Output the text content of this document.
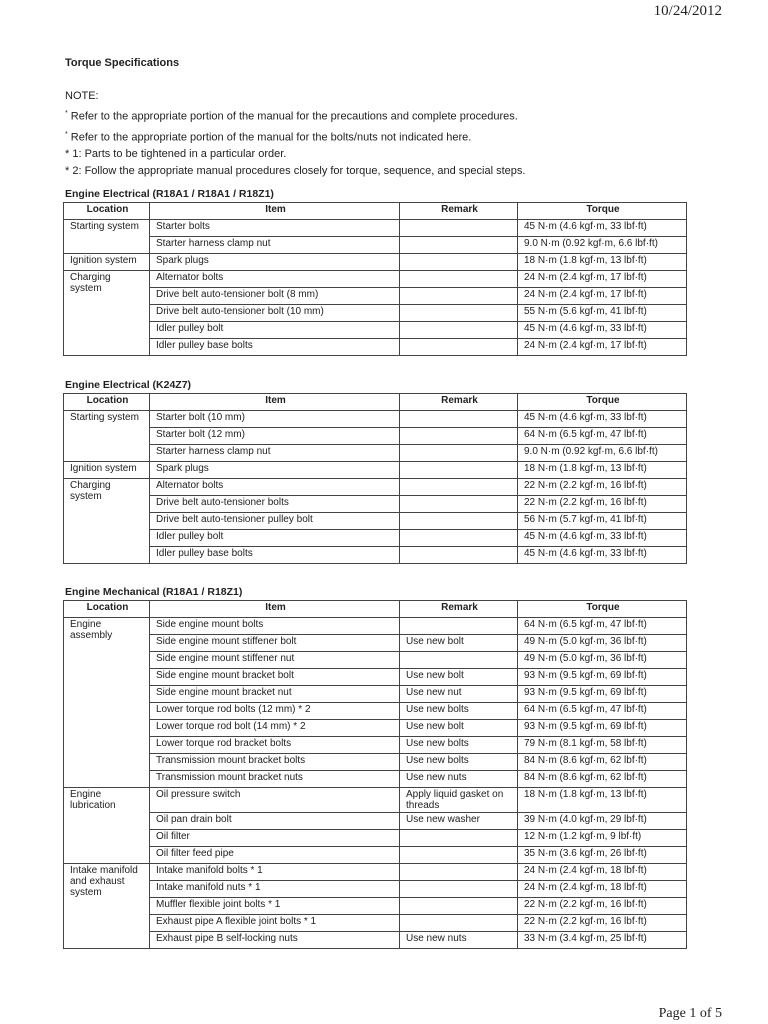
10/24/2012
Torque Specifications
NOTE:
* Refer to the appropriate portion of the manual for the precautions and complete procedures.
* Refer to the appropriate portion of the manual for the bolts/nuts not indicated here.
* 1: Parts to be tightened in a particular order.
* 2: Follow the appropriate manual procedures closely for torque, sequence, and special steps.
Engine Electrical (R18A1 / R18A1 / R18Z1)
Location	Item	Remark	Torque
Starting system	Starter bolts		45 N·m (4.6 kgf·m, 33 lbf·ft)
	Starter harness clamp nut		9.0 N·m (0.92 kgf·m, 6.6 lbf·ft)
Ignition system	Spark plugs		18 N·m (1.8 kgf·m, 13 lbf·ft)
Charging system	Alternator bolts		24 N·m (2.4 kgf·m, 17 lbf·ft)
	Drive belt auto-tensioner bolt (8 mm)		24 N·m (2.4 kgf·m, 17 lbf·ft)
	Drive belt auto-tensioner bolt (10 mm)		55 N·m (5.6 kgf·m, 41 lbf·ft)
	Idler pulley bolt		45 N·m (4.6 kgf·m, 33 lbf·ft)
	Idler pulley base bolts		24 N·m (2.4 kgf·m, 17 lbf·ft)
Engine Electrical (K24Z7)
Location	Item	Remark	Torque
Starting system	Starter bolt (10 mm)		45 N·m (4.6 kgf·m, 33 lbf·ft)
	Starter bolt (12 mm)		64 N·m (6.5 kgf·m, 47 lbf·ft)
	Starter harness clamp nut		9.0 N·m (0.92 kgf·m, 6.6 lbf·ft)
Ignition system	Spark plugs		18 N·m (1.8 kgf·m, 13 lbf·ft)
Charging system	Alternator bolts		22 N·m (2.2 kgf·m, 16 lbf·ft)
	Drive belt auto-tensioner bolts		22 N·m (2.2 kgf·m, 16 lbf·ft)
	Drive belt auto-tensioner pulley bolt		56 N·m (5.7 kgf·m, 41 lbf·ft)
	Idler pulley bolt		45 N·m (4.6 kgf·m, 33 lbf·ft)
	Idler pulley base bolts		45 N·m (4.6 kgf·m, 33 lbf·ft)
Engine Mechanical (R18A1 / R18Z1)
Location	Item	Remark	Torque
Engine assembly	Side engine mount bolts		64 N·m (6.5 kgf·m, 47 lbf·ft)
	Side engine mount stiffener bolt	Use new bolt	49 N·m (5.0 kgf·m, 36 lbf·ft)
	Side engine mount stiffener nut		49 N·m (5.0 kgf·m, 36 lbf·ft)
	Side engine mount bracket bolt	Use new bolt	93 N·m (9.5 kgf·m, 69 lbf·ft)
	Side engine mount bracket nut	Use new nut	93 N·m (9.5 kgf·m, 69 lbf·ft)
	Lower torque rod bolts (12 mm) * 2	Use new bolts	64 N·m (6.5 kgf·m, 47 lbf·ft)
	Lower torque rod bolt (14 mm) * 2	Use new bolt	93 N·m (9.5 kgf·m, 69 lbf·ft)
	Lower torque rod bracket bolts	Use new bolts	79 N·m (8.1 kgf·m, 58 lbf·ft)
	Transmission mount bracket bolts	Use new bolts	84 N·m (8.6 kgf·m, 62 lbf·ft)
	Transmission mount bracket nuts	Use new nuts	84 N·m (8.6 kgf·m, 62 lbf·ft)
Engine lubrication	Oil pressure switch	Apply liquid gasket on threads	18 N·m (1.8 kgf·m, 13 lbf·ft)
	Oil pan drain bolt	Use new washer	39 N·m (4.0 kgf·m, 29 lbf·ft)
	Oil filter		12 N·m (1.2 kgf·m, 9 lbf·ft)
	Oil filter feed pipe		35 N·m (3.6 kgf·m, 26 lbf·ft)
Intake manifold and exhaust system	Intake manifold bolts * 1		24 N·m (2.4 kgf·m, 18 lbf·ft)
	Intake manifold nuts * 1		24 N·m (2.4 kgf·m, 18 lbf·ft)
	Muffler flexible joint bolts * 1		22 N·m (2.2 kgf·m, 16 lbf·ft)
	Exhaust pipe A flexible joint bolts * 1		22 N·m (2.2 kgf·m, 16 lbf·ft)
	Exhaust pipe B self-locking nuts	Use new nuts	33 N·m (3.4 kgf·m, 25 lbf·ft)
Page 1 of 5
